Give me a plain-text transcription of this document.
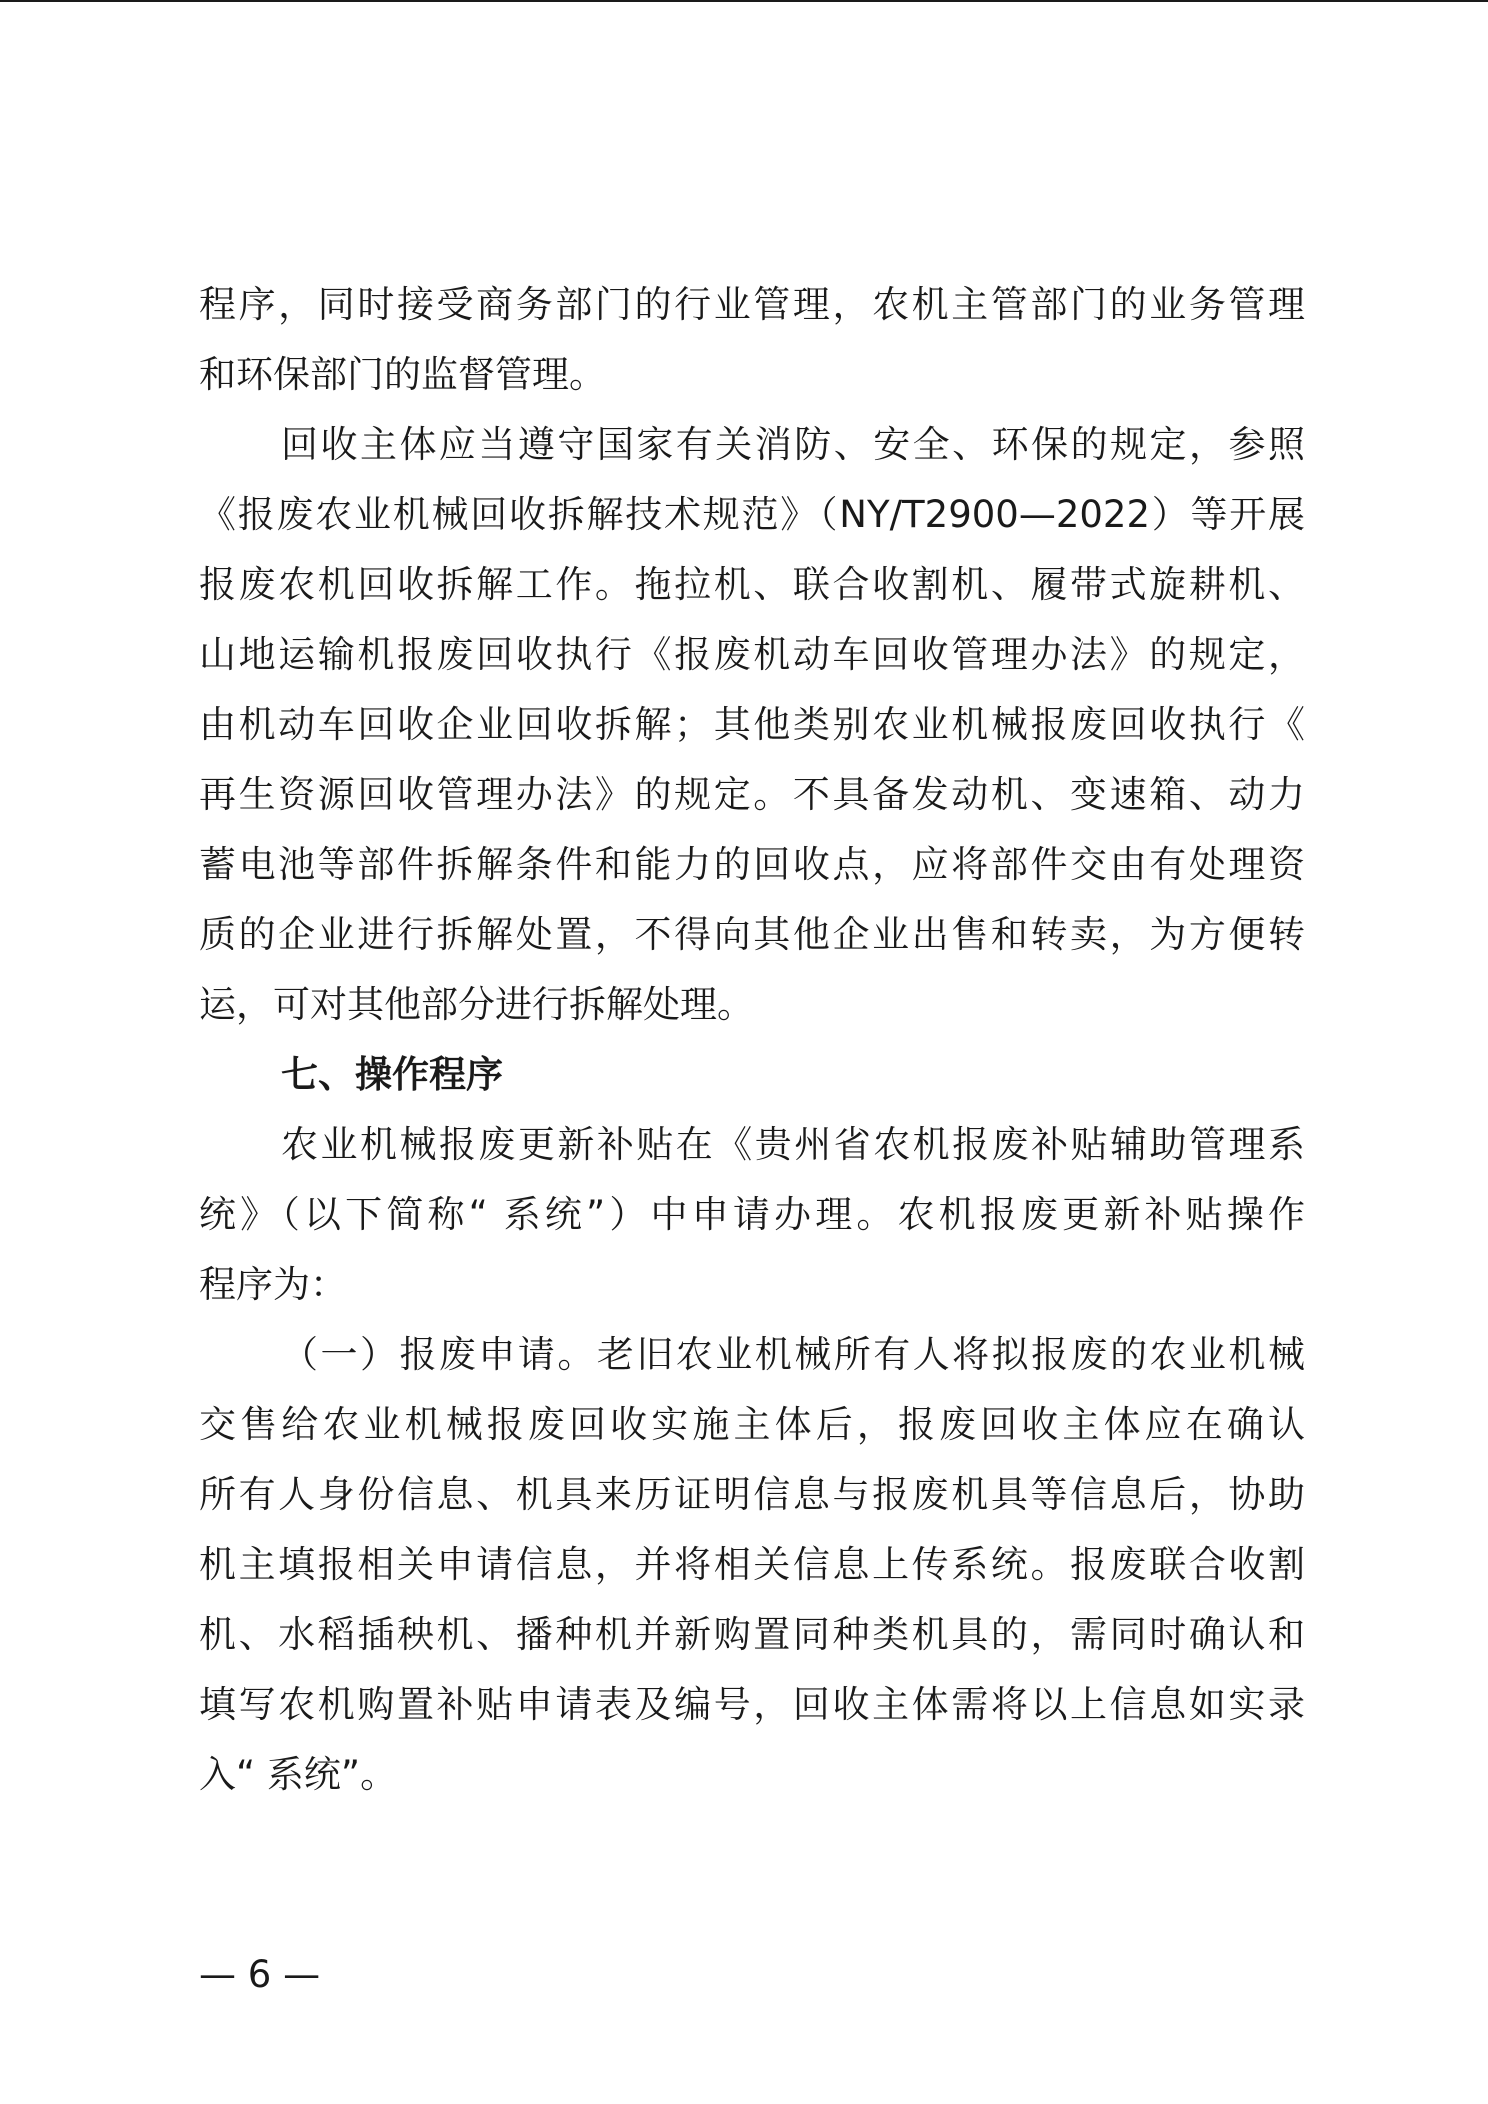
程序，同时接受商务部门的行业管理，农机主管部门的业务管理
和环保部门的监督管理。
回收主体应当遵守国家有关消防、安全、环保的规定，参照
《报废农业机械回收拆解技术规范》（NY/T2900—2022）等开展
报废农机回收拆解工作。拖拉机、联合收割机、履带式旋耕机、
山地运输机报废回收执行《报废机动车回收管理办法》的规定，
由机动车回收企业回收拆解；其他类别农业机械报废回收执行《
再生资源回收管理办法》的规定。不具备发动机、变速箱、动力
蓄电池等部件拆解条件和能力的回收点，应将部件交由有处理资
质的企业进行拆解处置，不得向其他企业出售和转卖，为方便转
运，可对其他部分进行拆解处理。
七、操作程序
农业机械报废更新补贴在《贵州省农机报废补贴辅助管理系
统》（以下简称“ 系统”）中申请办理。农机报废更新补贴操作
程序为：
（一）报废申请。老旧农业机械所有人将拟报废的农业机械
交售给农业机械报废回收实施主体后，报废回收主体应在确认
所有人身份信息、机具来历证明信息与报废机具等信息后，协助
机主填报相关申请信息，并将相关信息上传系统。报废联合收割
机、水稻插秧机、播种机并新购置同种类机具的，需同时确认和
填写农机购置补贴申请表及编号，回收主体需将以上信息如实录
入“ 系统”。
— 6 —
